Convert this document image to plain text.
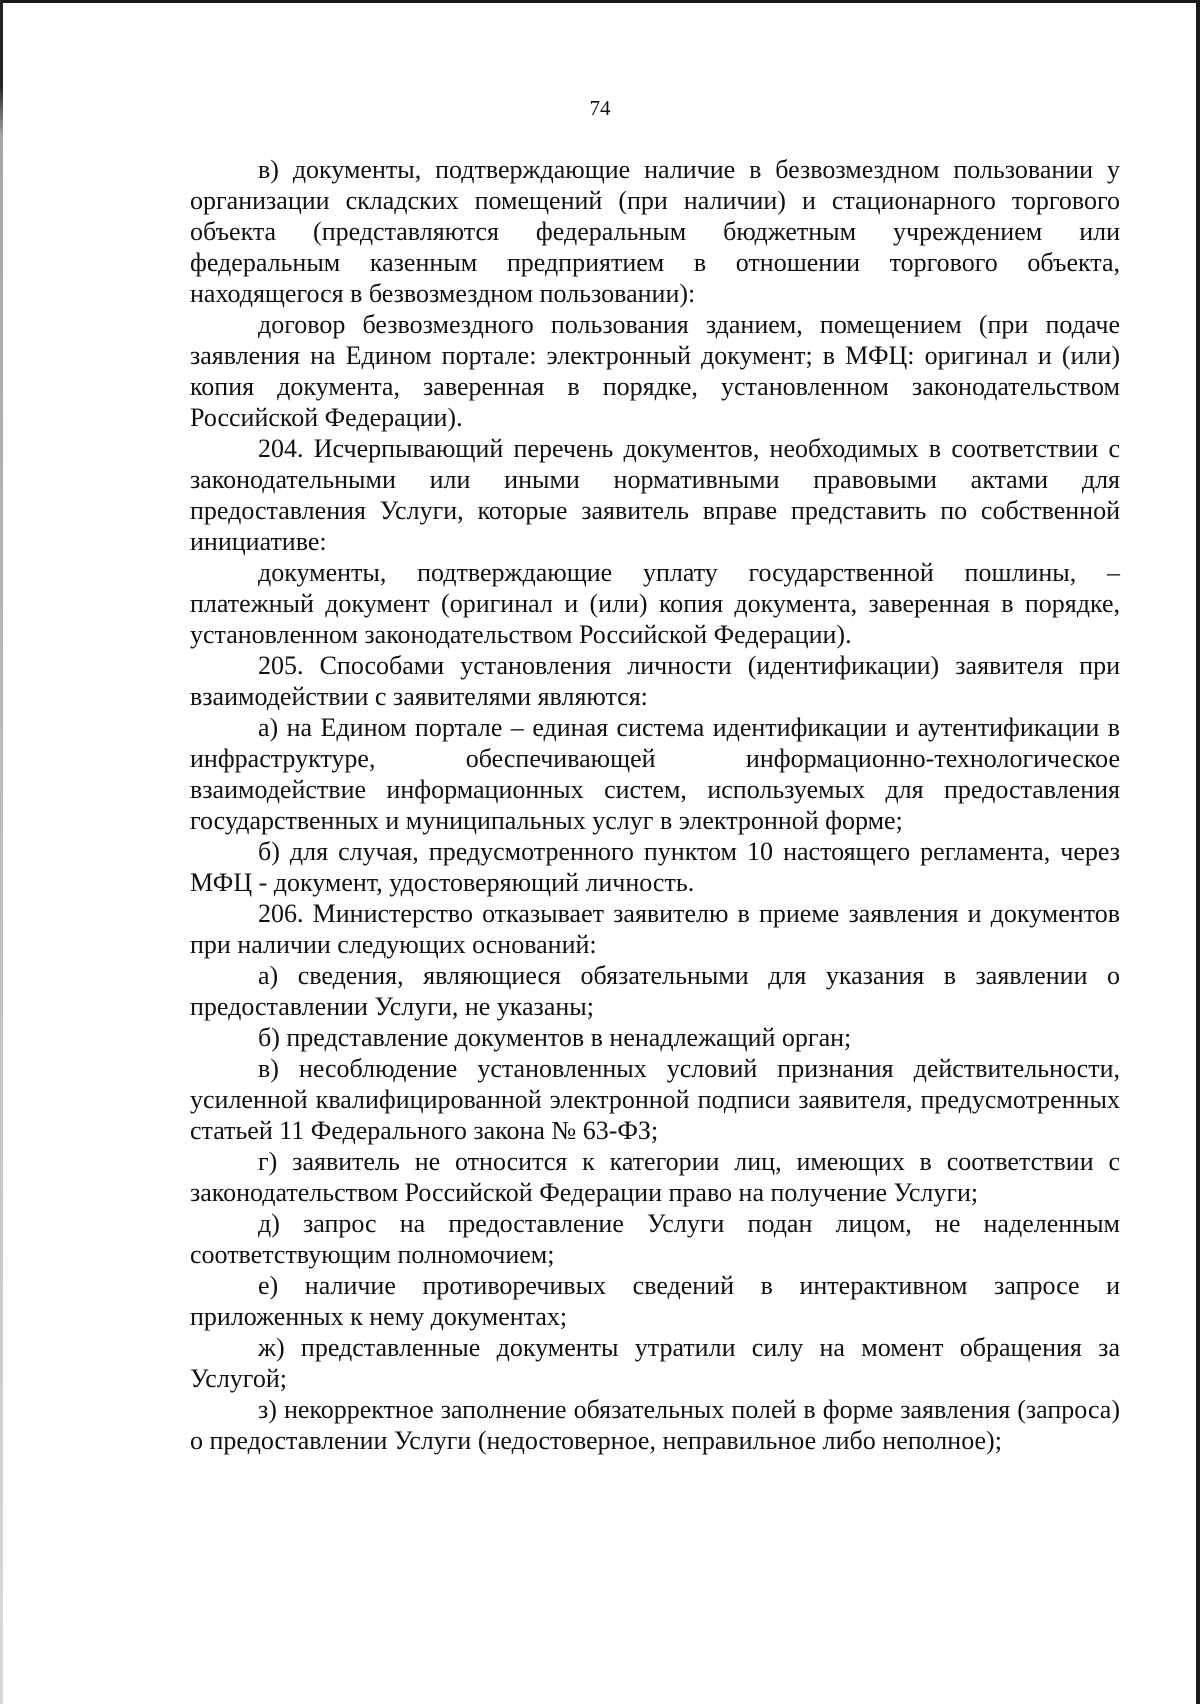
74

в) документы, подтверждающие наличие в безвозмездном пользовании у организации складских помещений (при наличии) и стационарного торгового объекта (представляются федеральным бюджетным учреждением или федеральным казенным предприятием в отношении торгового объекта, находящегося в безвозмездном пользовании):

договор безвозмездного пользования зданием, помещением (при подаче заявления на Едином портале: электронный документ; в МФЦ: оригинал и (или) копия документа, заверенная в порядке, установленном законодательством Российской Федерации).

204. Исчерпывающий перечень документов, необходимых в соответствии с законодательными или иными нормативными правовыми актами для предоставления Услуги, которые заявитель вправе представить по собственной инициативе:

документы, подтверждающие уплату государственной пошлины, – платежный документ (оригинал и (или) копия документа, заверенная в порядке, установленном законодательством Российской Федерации).

205. Способами установления личности (идентификации) заявителя при взаимодействии с заявителями являются:

а) на Едином портале – единая система идентификации и аутентификации в инфраструктуре, обеспечивающей информационно-технологическое взаимодействие информационных систем, используемых для предоставления государственных и муниципальных услуг в электронной форме;

б) для случая, предусмотренного пунктом 10 настоящего регламента, через МФЦ - документ, удостоверяющий личность.

206. Министерство отказывает заявителю в приеме заявления и документов при наличии следующих оснований:

а) сведения, являющиеся обязательными для указания в заявлении о предоставлении Услуги, не указаны;

б) представление документов в ненадлежащий орган;

в) несоблюдение установленных условий признания действительности, усиленной квалифицированной электронной подписи заявителя, предусмотренных статьей 11 Федерального закона № 63-ФЗ;

г) заявитель не относится к категории лиц, имеющих в соответствии с законодательством Российской Федерации право на получение Услуги;

д) запрос на предоставление Услуги подан лицом, не наделенным соответствующим полномочием;

е) наличие противоречивых сведений в интерактивном запросе и приложенных к нему документах;

ж) представленные документы утратили силу на момент обращения за Услугой;

з) некорректное заполнение обязательных полей в форме заявления (запроса) о предоставлении Услуги (недостоверное, неправильное либо неполное);
